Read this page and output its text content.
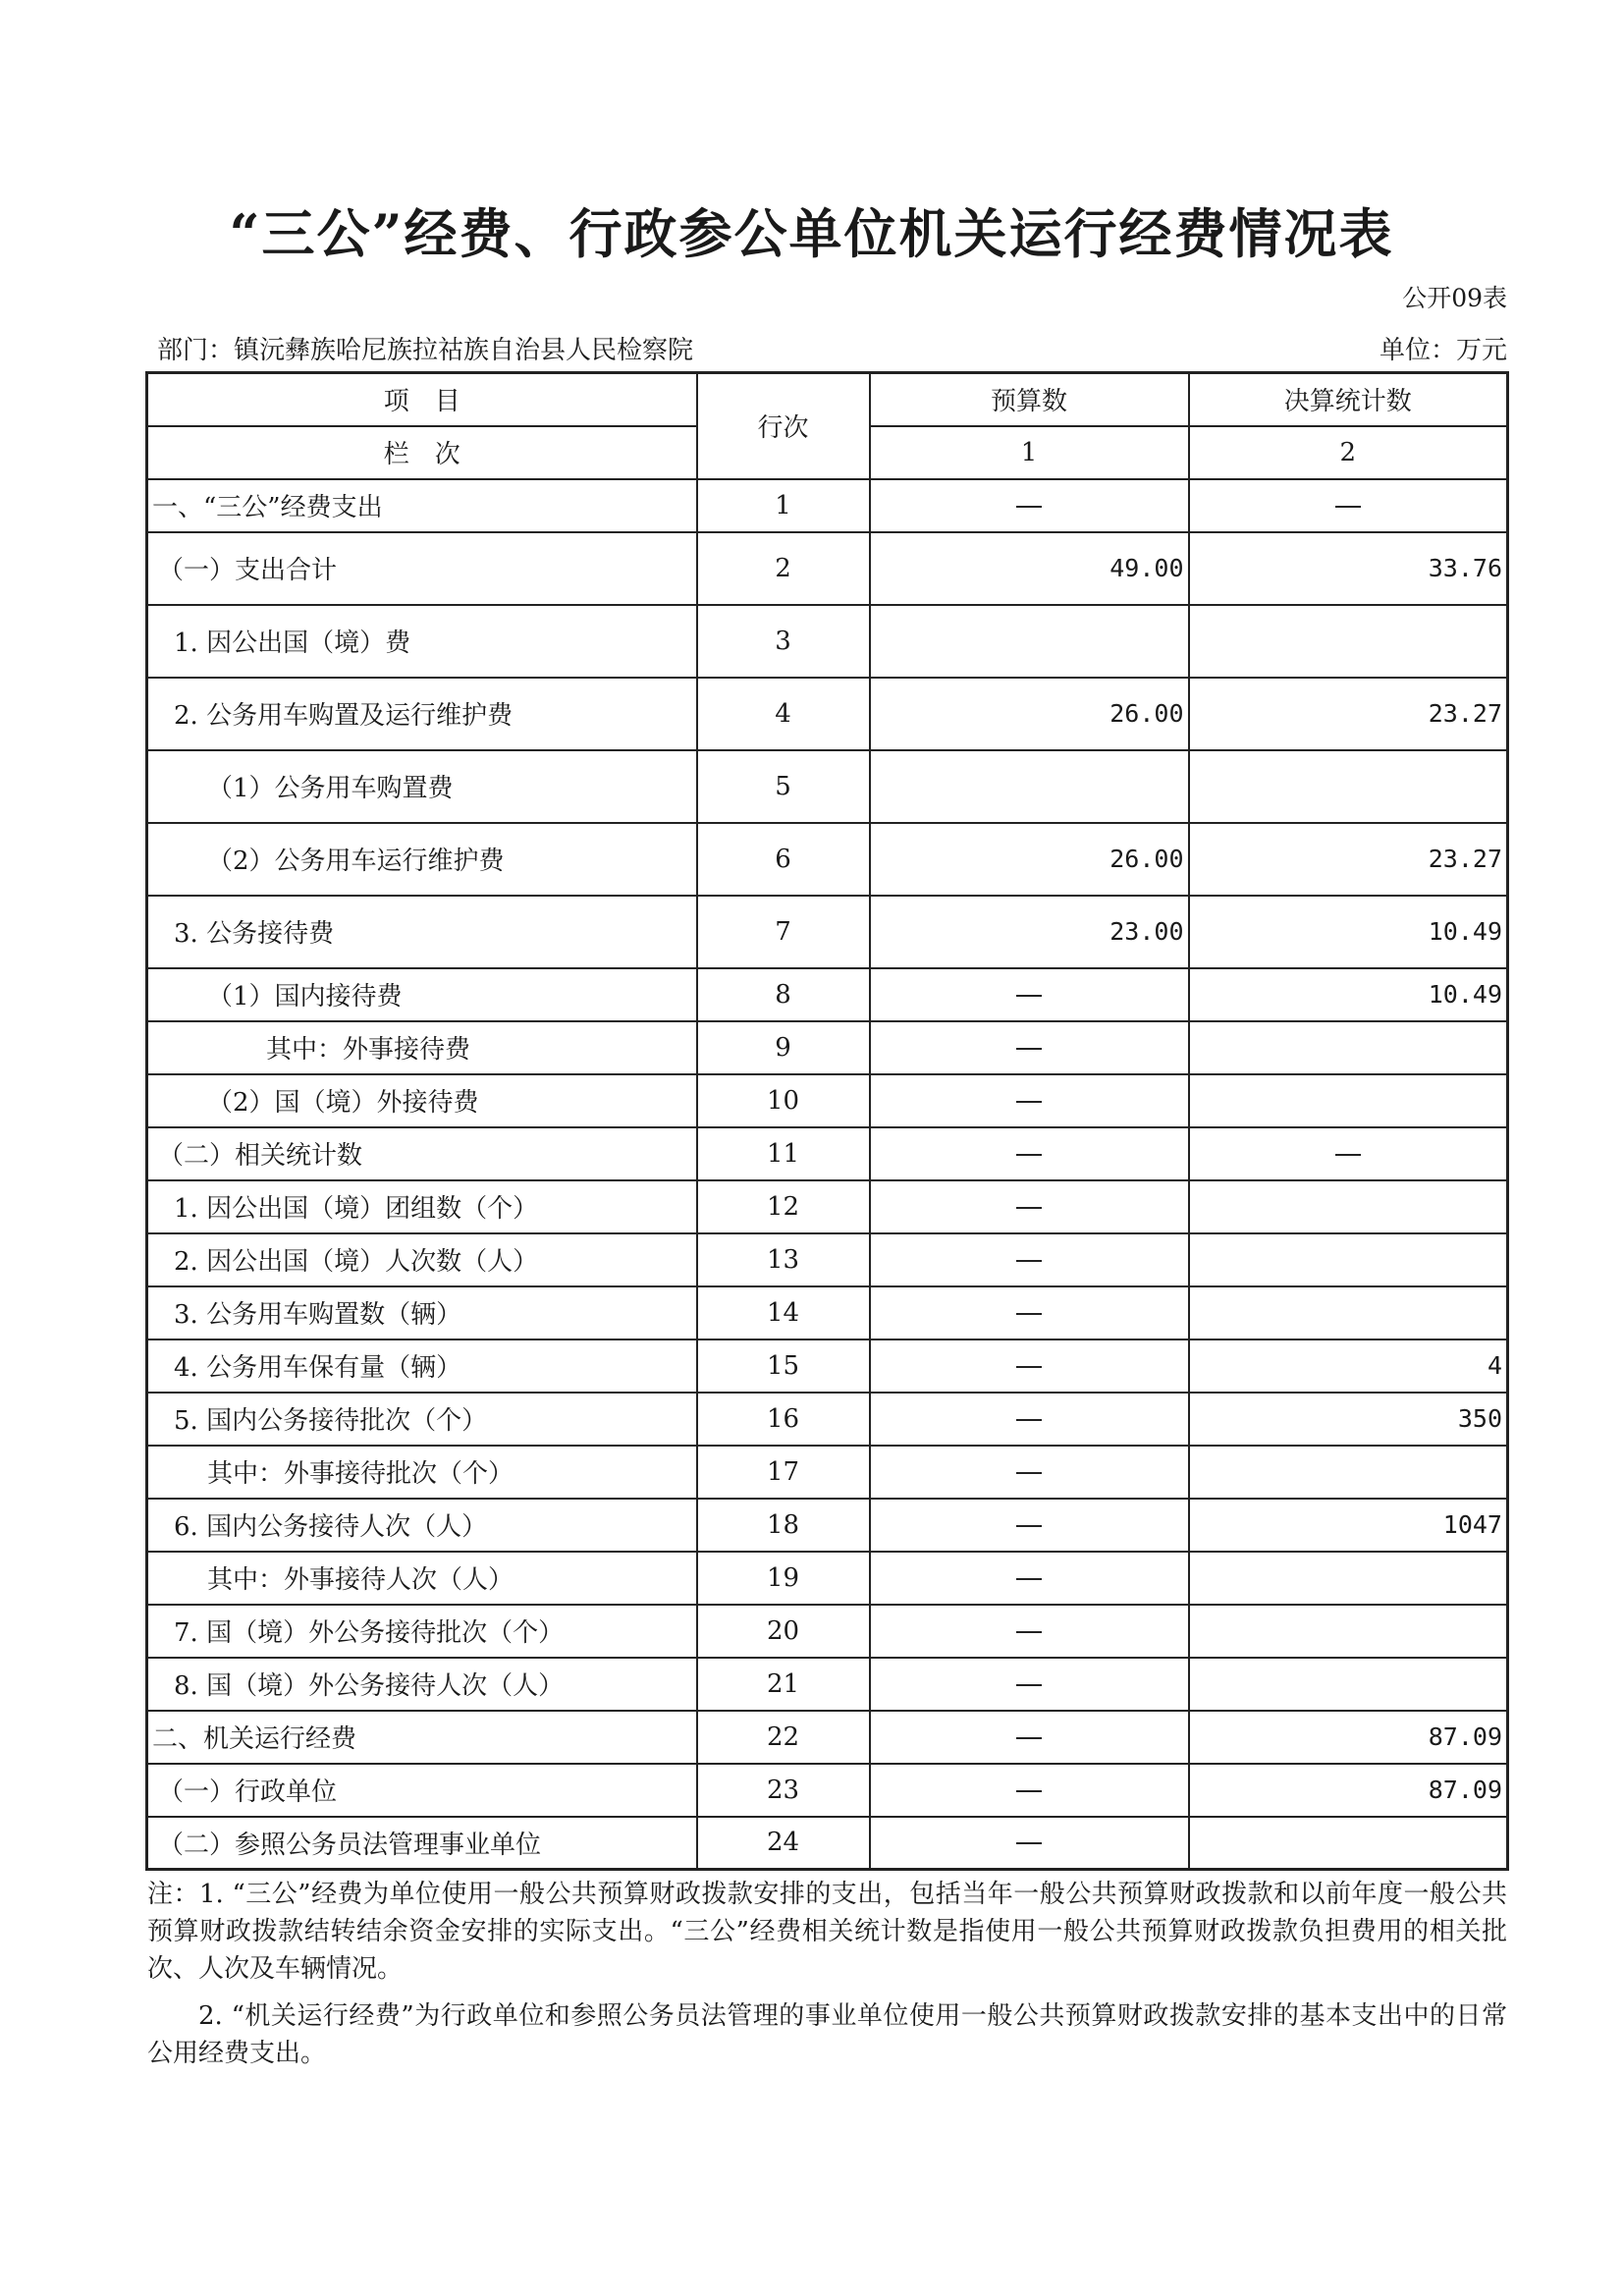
“三公”经费、行政参公单位机关运行经费情况表
公开09表
部门：镇沅彝族哈尼族拉祜族自治县人民检察院	单位：万元
项　目	行次	预算数	决算统计数
栏　次		1	2
一、“三公”经费支出	1		
（一）支出合计	2	49.00	33.76
1. 因公出国（境）费	3		
2. 公务用车购置及运行维护费	4	26.00	23.27
（1）公务用车购置费	5		
（2）公务用车运行维护费	6	26.00	23.27
3. 公务接待费	7	23.00	10.49
（1）国内接待费	8		10.49
其中：外事接待费	9		
（2）国（境）外接待费	10		
（二）相关统计数	11		
1. 因公出国（境）团组数（个）	12		
2. 因公出国（境）人次数（人）	13		
3. 公务用车购置数（辆）	14		
4. 公务用车保有量（辆）	15		4
5. 国内公务接待批次（个）	16		350
其中：外事接待批次（个）	17		
6. 国内公务接待人次（人）	18		1047
其中：外事接待人次（人）	19		
7. 国（境）外公务接待批次（个）	20		
8. 国（境）外公务接待人次（人）	21		
二、机关运行经费	22		87.09
（一）行政单位	23		87.09
（二）参照公务员法管理事业单位	24		

注：1. “三公”经费为单位使用一般公共预算财政拨款安排的支出，包括当年一般公共预算财政拨款和以前年度一般公共预算财政拨款结转结余资金安排的实际支出。“三公”经费相关统计数是指使用一般公共预算财政拨款负担费用的相关批次、人次及车辆情况。

2. “机关运行经费”为行政单位和参照公务员法管理的事业单位使用一般公共预算财政拨款安排的基本支出中的日常公用经费支出。
